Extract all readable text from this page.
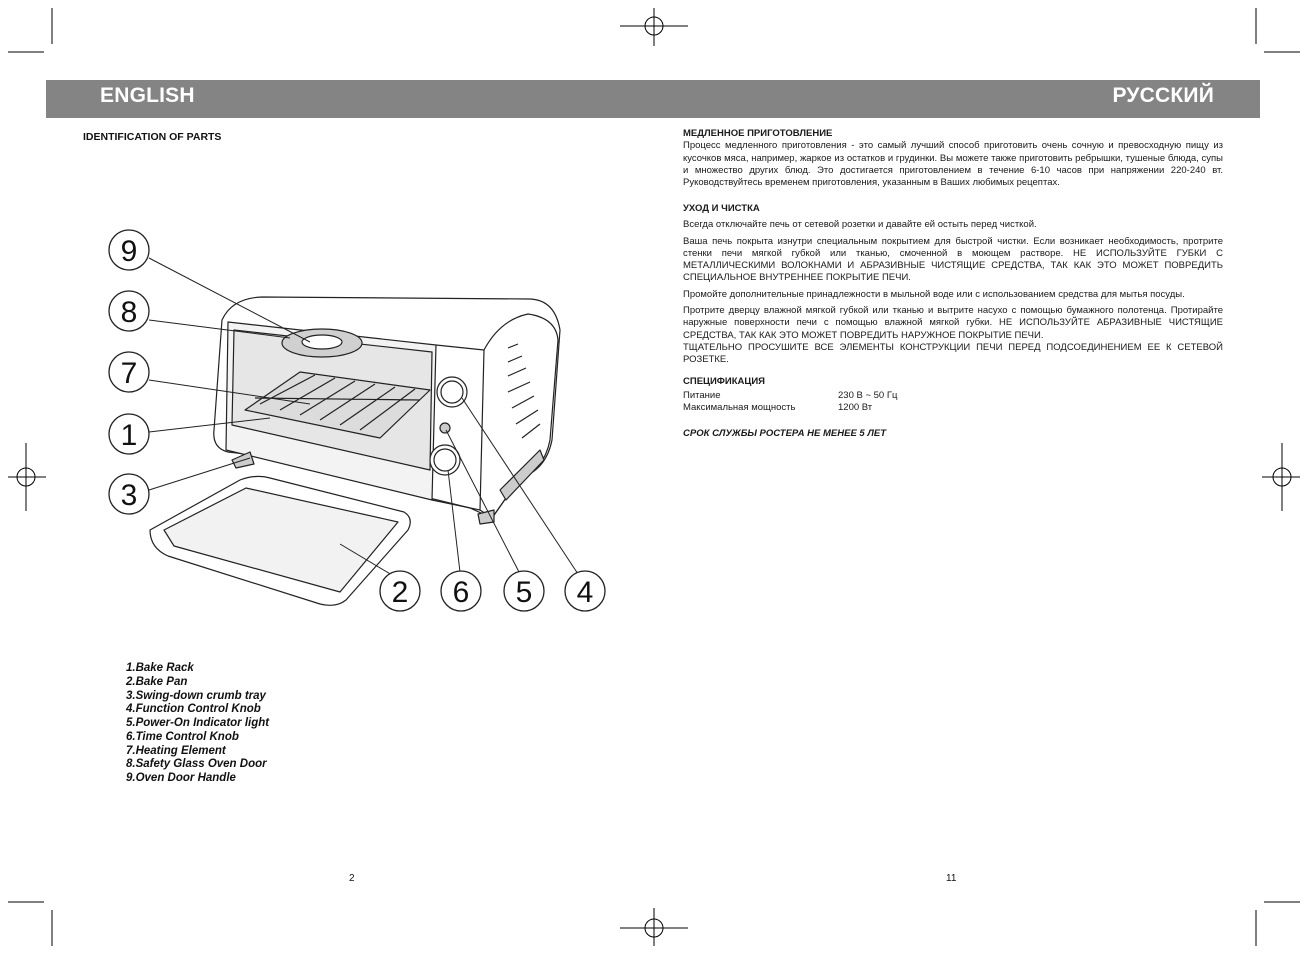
ENGLISH	РУССКИЙ
IDENTIFICATION OF PARTS
9
8
7
1
3
2 6 5 4
1.Bake Rack
2.Bake Pan
3.Swing-down crumb tray
4.Function Control Knob
5.Power-On Indicator light
6.Time Control Knob
7.Heating Element
8.Safety Glass Oven Door
9.Oven Door Handle
2

МЕДЛЕННОЕ ПРИГОТОВЛЕНИЕ

Процесс медленного приготовления - это самый лучший способ приготовить очень сочную и превосходную пищу из кусочков мяса, например, жаркое из остатков и грудинки. Вы можете также приготовить ребрышки, тушеные блюда, супы и множество других блюд. Это достигается приготовлением в течение 6-10 часов при напряжении 220-240 вт. Руководствуйтесь временем приготовления, указанным в Ваших любимых рецептах.

УХОД И ЧИСТКА

Всегда отключайте печь от сетевой розетки и давайте ей остыть перед чисткой.

Ваша печь покрыта изнутри специальным покрытием для быстрой чистки. Если возникает необходимость, протрите стенки печи мягкой губкой или тканью, смоченной в моющем растворе. НЕ ИСПОЛЬЗУЙТЕ ГУБКИ С МЕТАЛЛИЧЕСКИМИ ВОЛОКНАМИ И АБРАЗИВНЫЕ ЧИСТЯЩИЕ СРЕДСТВА, ТАК КАК ЭТО МОЖЕТ ПОВРЕДИТЬ СПЕЦИАЛЬНОЕ ВНУТРЕННЕЕ ПОКРЫТИЕ ПЕЧИ.

Промойте дополнительные принадлежности в мыльной воде или с использованием средства для мытья посуды.

Протрите дверцу влажной мягкой губкой или тканью и вытрите насухо с помощью бумажного полотенца. Протирайте наружные поверхности печи с помощью влажной мягкой губки. НЕ ИСПОЛЬЗУЙТЕ АБРАЗИВНЫЕ ЧИСТЯЩИЕ СРЕДСТВА, ТАК КАК ЭТО МОЖЕТ ПОВРЕДИТЬ НАРУЖНОЕ ПОКРЫТИЕ ПЕЧИ.

ТЩАТЕЛЬНО ПРОСУШИТЕ ВСЕ ЭЛЕМЕНТЫ КОНСТРУКЦИИ ПЕЧИ ПЕРЕД ПОДСОЕДИНЕНИЕМ ЕЕ К СЕТЕВОЙ РОЗЕТКЕ.

СПЕЦИФИКАЦИЯ

Питание	230 В ~ 50 Гц
Максимальная мощность	1200 Вт
СРОК СЛУЖБЫ РОСТЕРА НЕ МЕНЕЕ 5 ЛЕТ
11
